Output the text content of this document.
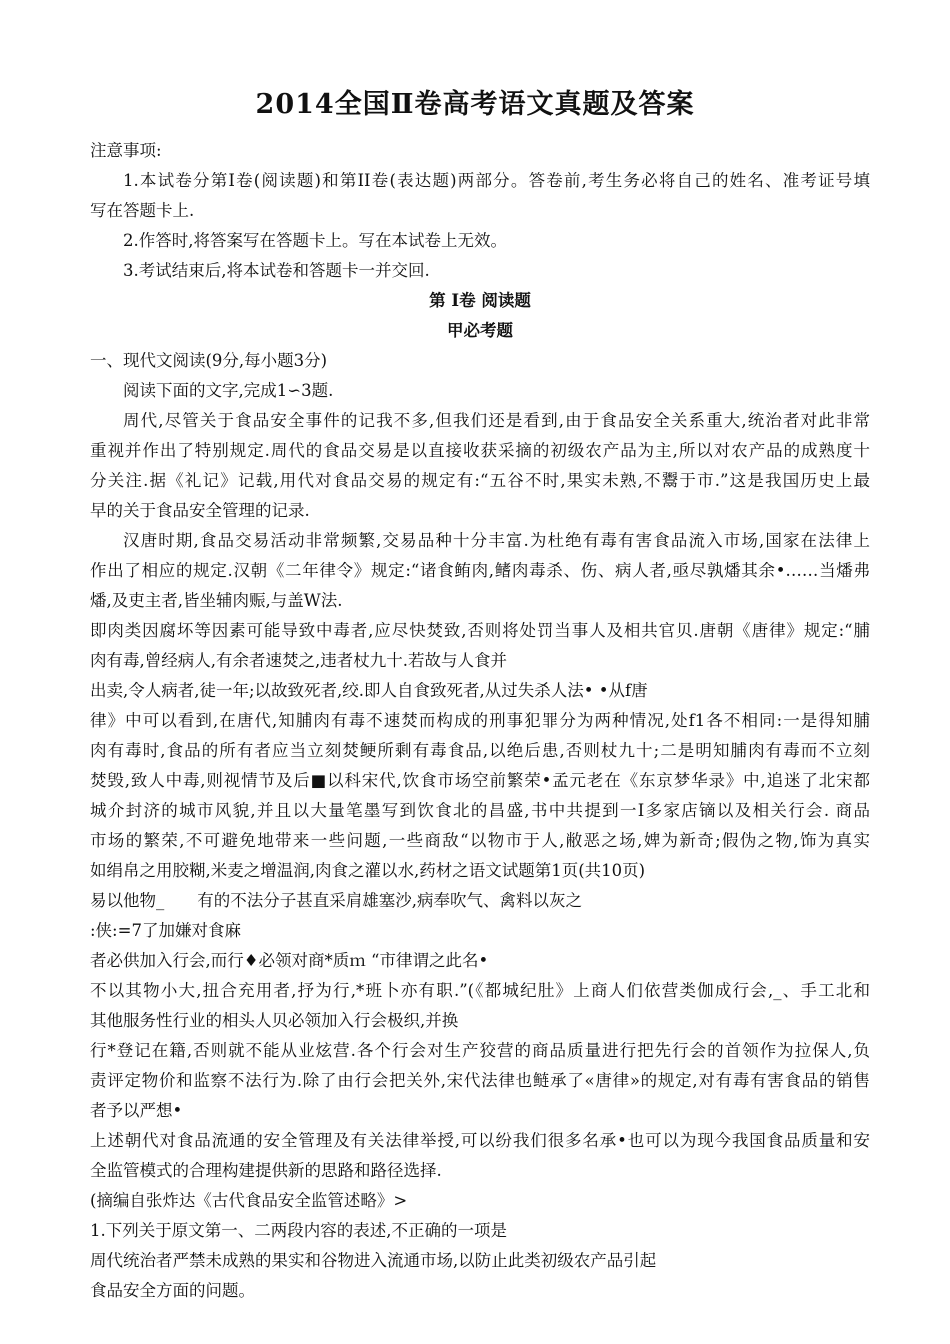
2014全国Ⅱ卷高考语文真题及答案
注意事项:
1.本试卷分第Ⅰ卷(阅读题)和第II卷(表达题)两部分。答卷前,考生务必将自己的姓名、准考证号填
写在答题卡上.
2.作答时,将答案写在答题卡上。写在本试卷上无效。
3.考试结束后,将本试卷和答题卡一并交回.
第 Ⅰ卷 阅读题
甲必考题
一、现代文阅读(9分,每小题3分)
阅读下面的文字,完成1∽3题.
周代,尽管关于食品安全事件的记我不多,但我们还是看到,由于食品安全关系重大,统治者对此非常
重视并作出了特别规定.周代的食品交易是以直接收获采摘的初级农产品为主,所以对农产品的成熟度十
分关注.据《礼记》记载,用代对食品交易的规定有:“五谷不时,果实未熟,不鬻于市.”这是我国历史上最
早的关于食品安全管理的记录.
汉唐时期,食品交易活动非常频繁,交易品种十分丰富.为杜绝有毒有害食品流入市场,国家在法律上
作出了相应的规定.汉朝《二年律令》规定:“诸食鲔肉,鳍肉毒杀、伤、病人者,亟尽孰燔其余•……当燔弗
燔,及吏主者,皆坐辅肉赈,与盖W法.
即肉类因腐坏等因素可能导致中毒者,应尽快焚致,否则将处罚当事人及相共官贝.唐朝《唐律》规定:“脯
肉有毒,曾经病人,有余者速焚之,违者杖九十.若故与人食并
出卖,令人病者,徒一年;以故致死者,绞.即人自食致死者,从过失杀人法• •从f唐
律》中可以看到,在唐代,知脯肉有毒不速焚而构成的刑事犯罪分为两种情况,处f1各不相同:一是得知脯
肉有毒时,食品的所有者应当立刻焚鲠所剩有毒食品,以绝后患,否则杖九十;二是明知脯肉有毒而不立刻
焚毁,致人中毒,则视情节及后■以科宋代,饮食市场空前繁荣•孟元老在《东京梦华录》中,追迷了北宋都
城介封济的城市风貌,并且以大量笔墨写到饮食北的昌盛,书中共提到一I多家店镝以及相关行会. 商品
市场的繁荣,不可避免地带来一些问题,一些商敌“以物市于人,敝恶之场,婢为新奇;假伪之物,饰为真实
如绢帛之用胶糊,米麦之增温润,肉食之灌以水,药材之语文试题第1页(共10页)
易以他物_　　有的不法分子甚直采肩雄塞沙,病奉吹气、禽料以灰之
:侠:=7了加嫌对食麻
者必供加入行会,而行♦必领对商*质ｍ “市律谓之此名•
不以其物小大,扭合充用者,抒为行,*班卜亦有职.”(《都城纪肚》上商人们依营类伽成行会,_、手工北和
其他服务性行业的相头人贝必领加入行会极织,并换
行*登记在籍,否则就不能从业炫营.各个行会对生产狡营的商品质量进行把先行会的首领作为拉保人,负
责评定物价和监察不法行为.除了由行会把关外,宋代法律也鲢承了«唐律»的规定,对有毒有害食品的销售
者予以严想•
上述朝代对食品流通的安全管理及有关法律举授,可以纷我们很多名承•也可以为现今我国食品质量和安
全监管模式的合理构建提供新的思路和路径选择.
(摘编自张炸达《古代食品安全监管述略》>
1.下列关于原文第一、二两段内容的表述,不正确的一项是
周代统治者严禁未成熟的果实和谷物进入流通市场,以防止此类初级农产品引起
食品安全方面的问题。
